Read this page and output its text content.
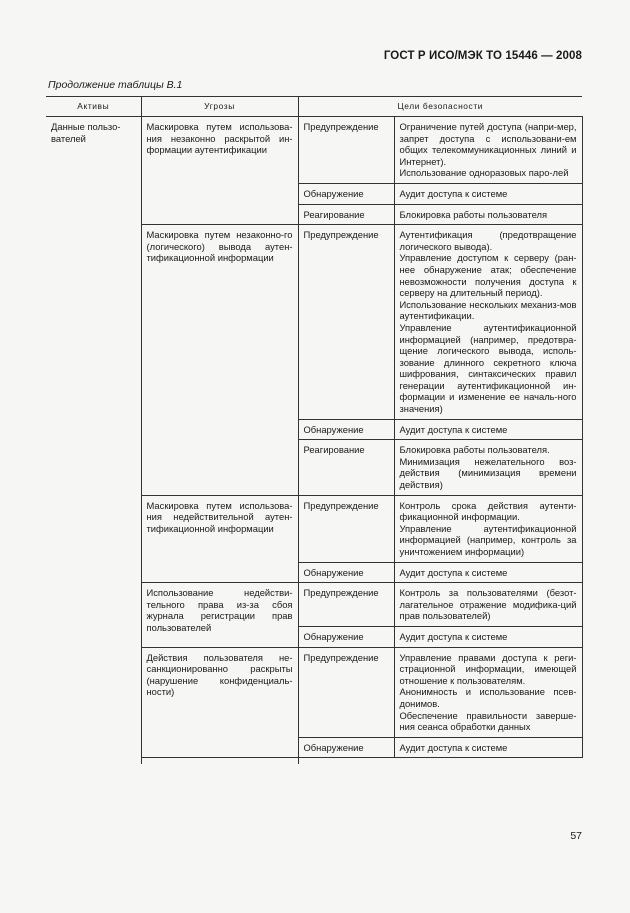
ГОСТ Р ИСО/МЭК ТО 15446 — 2008
Продолжение таблицы В.1
Активы	Угрозы	Цели безопасности	
Данные пользо-вателей	Маскировка путем использова-ния незаконно раскрытой ин-формации аутентификации	Предупреждение	Ограничение путей доступа (напри-мер, запрет доступа с использовани-ем общих телекоммуникационных линий и Интернет).
Использование одноразовых паро-лей

		Обнаружение	Аудит доступа к системе
		Реагирование	Блокировка работы пользователя
	Маскировка путем незаконно-го (логического) вывода аутен-тификационной информации	Предупреждение	Аутентификация (предотвращение логического вывода).
Управление доступом к серверу (ран-нее обнаружение атак; обеспечение невозможности получения доступа к серверу на длительный период).
Использование нескольких механиз-мов аутентификации.
Управление аутентификационной информацией (например, предотвра-щение логического вывода, исполь-зование длинного секретного ключа шифрования, синтаксических правил генерации аутентификационной ин-формации и изменение ее началь-ного значения)

		Обнаружение	Аудит доступа к системе
		Реагирование	Блокировка работы пользователя.
Минимизация нежелательного воз-действия (минимизация времени действия)

	Маскировка путем использова-ния недействительной аутен-тификационной информации	Предупреждение	Контроль срока действия аутенти-фикационной информации.
Управление аутентификационной информацией (например, контроль за уничтожением информации)

		Обнаружение	Аудит доступа к системе
	Использование недействи-тельного права из-за сбоя журнала регистрации прав пользователей	Предупреждение	Контроль за пользователями (безот-лагательное отражение модифика-ций прав пользователей)
		Обнаружение	Аудит доступа к системе
	Действия пользователя не-санкционированно раскрыты (нарушение конфиденциаль-ности)	Предупреждение	Управление правами доступа к реги-страционной информации, имеющей отношение к пользователям.
Анонимность и использование псев-донимов.
Обеспечение правильности заверше-ния сеанса обработки данных

		Обнаружение	Аудит доступа к системе

57
